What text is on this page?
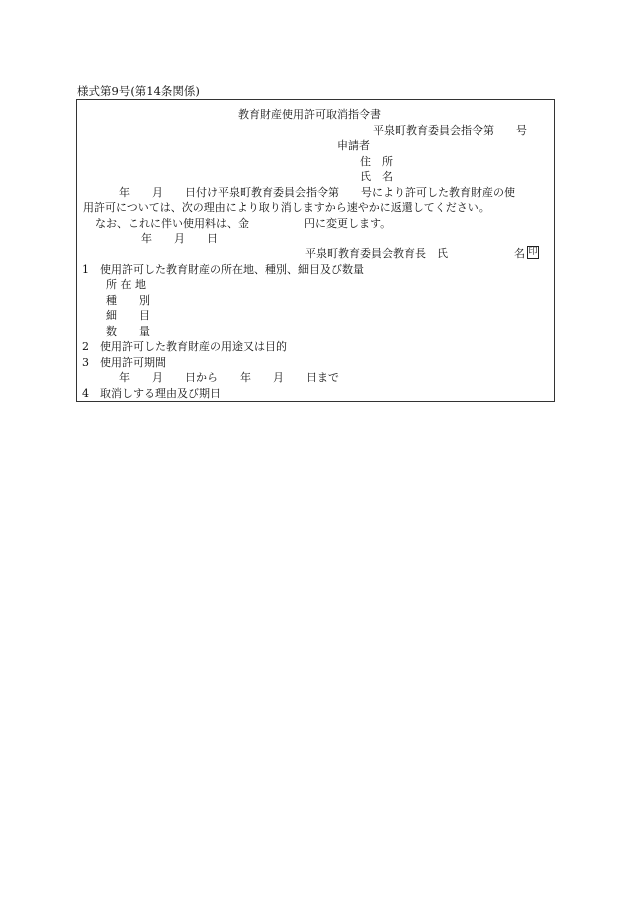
様式第9号(第14条関係)
教育財産使用許可取消指令書
平泉町教育委員会指令第　　号
申請者
住　所
氏　名
年　　月　　日付け平泉町教育委員会指令第　　号により許可した教育財産の使
用許可については、次の理由により取り消しますから速やかに返還してください。
なお、これに伴い使用料は、金　　　　　円に変更します。
年　　月　　日
平泉町教育委員会教育長　氏	名 印
1　使用許可した教育財産の所在地、種別、細目及び数量
所 在 地
種　　別
細　　目
数　　量
2　使用許可した教育財産の用途又は目的
3　使用許可期間
年　　月　　日から　　年　　月　　日まで
4　取消しする理由及び期日
